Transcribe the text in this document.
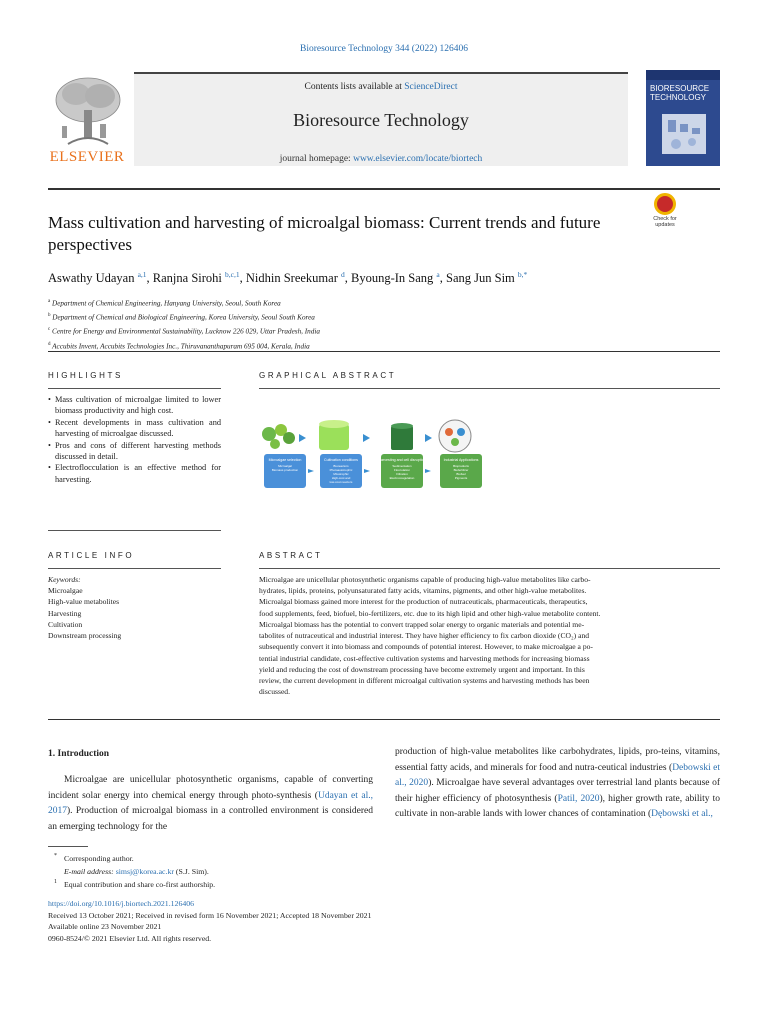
Bioresource Technology 344 (2022) 126406
ELSEVIER
Contents lists available at ScienceDirect
Bioresource Technology
journal homepage: www.elsevier.com/locate/biortech
BIORESOURCE TECHNOLOGY
Mass cultivation and harvesting of microalgal biomass: Current trends and future perspectives
Check for
updates
Aswathy Udayan $^{a,1}$, Ranjna Sirohi $^{b,c,1}$, Nidhin Sreekumar $^d$, Byoung-In Sang $^a$, Sang Jun Sim $^{b,*}$
$^a$ Department of Chemical Engineering, Hanyang University, Seoul, South Korea
$^b$ Department of Chemical and Biological Engineering, Korea University, Seoul South Korea
$^c$ Centre for Energy and Environmental Sustainability, Lucknow 226 029, Uttar Pradesh, India
$^d$ Accubits Invent, Accubits Technologies Inc., Thiruvananthapuram 695 004, Kerala, India
HIGHLIGHTS
• Mass cultivation of microalgae limited to lower biomass productivity and high cost.
• Recent developments in mass cultivation and harvesting of microalgae discussed.
• Pros and cons of different harvesting methods discussed in detail.
• Electroflocculation is an effective method for harvesting.
GRAPHICAL ABSTRACT
Microalgae selection
Microalgal
Biomass production
Cultivation conditions
Bioreactors
Photoautotrophic
Mixotrophic
High-cost and
low-cost reactors
Harvesting and cell disruption
Sedimentation
Flocculation
Filtration
Electrocoagulation
Industrial Applications
Bioproducts
Biofertilizer
Biofuel
Pigments
ARTICLE INFO
Keywords:
Microalgae
High-value metabolites
Harvesting
Cultivation
Downstream processing
ABSTRACT
Microalgae are unicellular photosynthetic organisms capable of producing high-value metabolites like carbo-
hydrates, lipids, proteins, polyunsaturated fatty acids, vitamins, pigments, and other high-value metabolites.
Microalgal biomass gained more interest for the production of nutraceuticals, pharmaceuticals, therapeutics,
food supplements, feed, biofuel, bio-fertilizers, etc. due to its high lipid and other high-value metabolite content.
Microalgal biomass has the potential to convert trapped solar energy to organic materials and potential me-
tabolites of nutraceutical and industrial interest. They have higher efficiency to fix carbon dioxide (CO₂) and
subsequently convert it into biomass and compounds of potential interest. However, to make microalgae a po-
tential industrial candidate, cost-effective cultivation systems and harvesting methods for increasing biomass
yield and reducing the cost of downstream processing have become extremely urgent and important. In this
review, the current development in different microalgal cultivation systems and harvesting methods has been
discussed.
1. Introduction
Microalgae are unicellular photosynthetic organisms, capable of converting incident solar energy into chemical energy through photo-synthesis (Udayan et al., 2017). Production of microalgal biomass in a controlled environment is considered an emerging technology for the
production of high-value metabolites like carbohydrates, lipids, pro-teins, vitamins, essential fatty acids, and minerals for food and nutra-ceutical industries (Debowski et al., 2020). Microalgae have several advantages over terrestrial land plants because of their higher efficiency of photosynthesis (Patil, 2020), higher growth rate, ability to cultivate in non-arable lands with lower chances of contamination (Dębowski et al.,
* Corresponding author.
E-mail address: simsj@korea.ac.kr (S.J. Sim).
1 Equal contribution and share co-first authorship.
https://doi.org/10.1016/j.biortech.2021.126406
Received 13 October 2021; Received in revised form 16 November 2021; Accepted 18 November 2021
Available online 23 November 2021
0960-8524/© 2021 Elsevier Ltd. All rights reserved.
